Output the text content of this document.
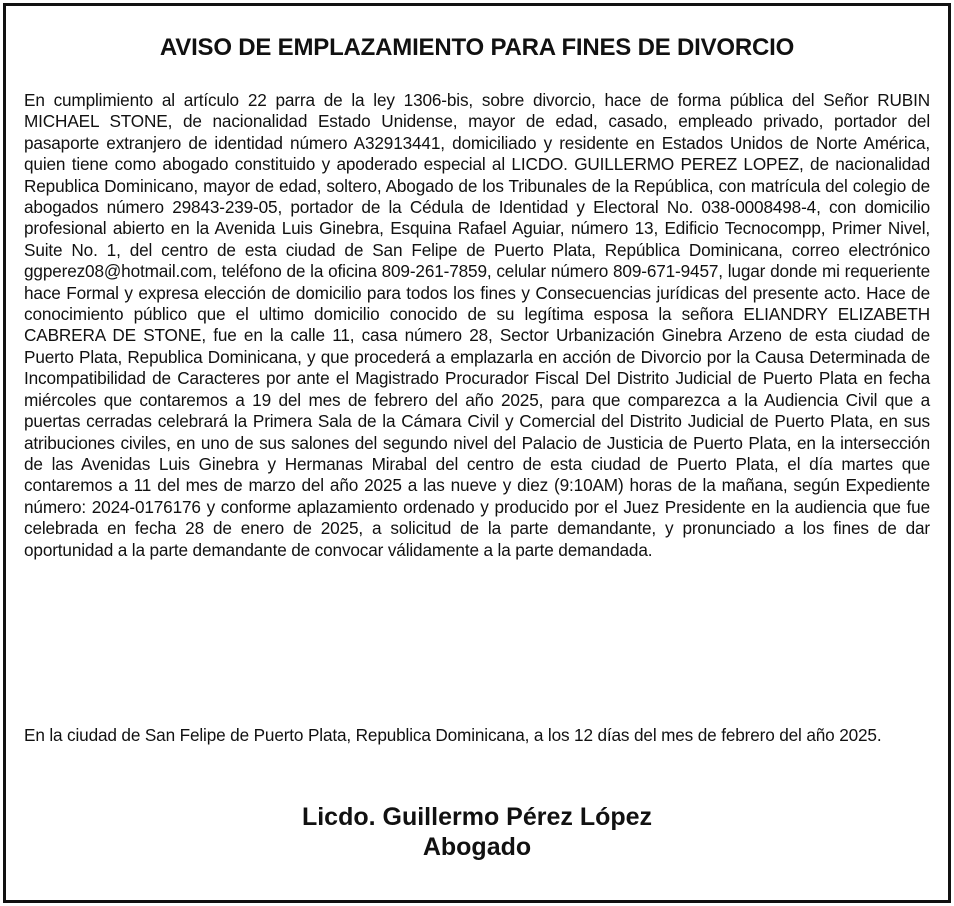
AVISO DE EMPLAZAMIENTO PARA FINES DE DIVORCIO

En cumplimiento al artículo 22 parra de la ley 1306-bis, sobre divorcio, hace de forma pública del Señor RUBIN MICHAEL STONE, de nacionalidad Estado Unidense, mayor de edad, casado, empleado privado, portador del pasaporte extranjero de identidad número A32913441, domiciliado y residente en Estados Unidos de Norte América, quien tiene como abogado constituido y apoderado especial al LICDO. GUILLERMO PEREZ LOPEZ, de nacionalidad Republica Dominicano, mayor de edad, soltero, Abogado de los Tribunales de la República, con matrícula del colegio de abogados número 29843-239-05, portador de la Cédula de Identidad y Electoral No. 038-0008498-4, con domicilio profesional abierto en la Avenida Luis Ginebra, Esquina Rafael Aguiar, número 13, Edificio Tecnocompp, Primer Nivel, Suite No. 1, del centro de esta ciudad de San Felipe de Puerto Plata, República Dominicana, correo electrónico ggperez08@hotmail.com, teléfono de la oficina 809-261-7859, celular número 809-671-9457, lugar donde mi requeriente hace Formal y expresa elección de domicilio para todos los fines y Consecuencias jurídicas del presente acto. Hace de conocimiento público que el ultimo domicilio conocido de su legítima esposa la señora ELIANDRY ELIZABETH CABRERA DE STONE, fue en la calle 11, casa número 28, Sector Urbanización Ginebra Arzeno de esta ciudad de Puerto Plata, Republica Dominicana, y que procederá a emplazarla en acción de Divorcio por la Causa Determinada de Incompatibilidad de Caracteres por ante el Magistrado Procurador Fiscal Del Distrito Judicial de Puerto Plata en fecha miércoles que contaremos a 19 del mes de febrero del año 2025, para que comparezca a la Audiencia Civil que a puertas cerradas celebrará la Primera Sala de la Cámara Civil y Comercial del Distrito Judicial de Puerto Plata, en sus atribuciones civiles, en uno de sus salones del segundo nivel del Palacio de Justicia de Puerto Plata, en la intersección de las Avenidas Luis Ginebra y Hermanas Mirabal del centro de esta ciudad de Puerto Plata, el día martes que contaremos a 11 del mes de marzo del año 2025 a las nueve y diez (9:10AM) horas de la mañana, según Expediente número: 2024-0176176 y conforme aplazamiento ordenado y producido por el Juez Presidente en la audiencia que fue celebrada en fecha 28 de enero de 2025, a solicitud de la parte demandante, y pronunciado a los fines de dar oportunidad a la parte demandante de convocar válidamente a la parte demandada.

En la ciudad de San Felipe de Puerto Plata, Republica Dominicana, a los 12 días del mes de febrero del año 2025.

Licdo. Guillermo Pérez López
Abogado
